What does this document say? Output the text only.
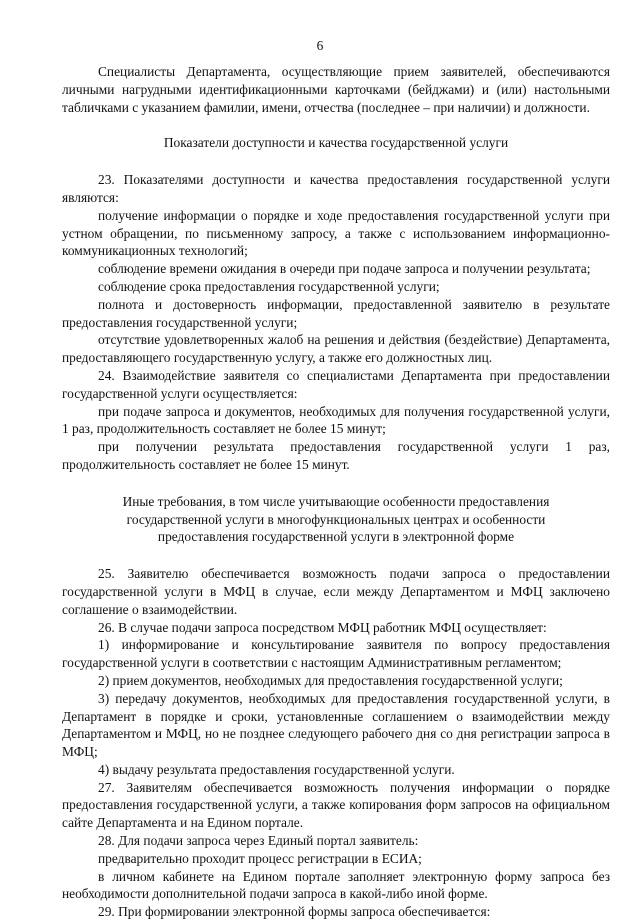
6

Специалисты Департамента, осуществляющие прием заявителей, обеспечиваются личными нагрудными идентификационными карточками (бейджами) и (или) настольными табличками с указанием фамилии, имени, отчества (последнее – при наличии) и должности.

Показатели доступности и качества государственной услуги

23. Показателями доступности и качества предоставления государственной услуги являются:

получение информации о порядке и ходе предоставления государственной услуги при устном обращении, по письменному запросу, а также с использованием информационно-коммуникационных технологий;

соблюдение времени ожидания в очереди при подаче запроса и получении результата;

соблюдение срока предоставления государственной услуги;

полнота и достоверность информации, предоставленной заявителю в результате предоставления государственной услуги;

отсутствие удовлетворенных жалоб на решения и действия (бездействие) Департамента, предоставляющего государственную услугу, а также его должностных лиц.

24. Взаимодействие заявителя со специалистами Департамента при предоставлении государственной услуги осуществляется:

при подаче запроса и документов, необходимых для получения государственной услуги, 1 раз, продолжительность составляет не более 15 минут;

при получении результата предоставления государственной услуги 1 раз, продолжительность составляет не более 15 минут.

Иные требования, в том числе учитывающие особенности предоставления государственной услуги в многофункциональных центрах и особенности предоставления государственной услуги в электронной форме

25. Заявителю обеспечивается возможность подачи запроса о предоставлении государственной услуги в МФЦ в случае, если между Департаментом и МФЦ заключено соглашение о взаимодействии.

26. В случае подачи запроса посредством МФЦ работник МФЦ осуществляет:

1) информирование и консультирование заявителя по вопросу предоставления государственной услуги в соответствии с настоящим Административным регламентом;

2) прием документов, необходимых для предоставления государственной услуги;

3) передачу документов, необходимых для предоставления государственной услуги, в Департамент в порядке и сроки, установленные соглашением о взаимодействии между Департаментом и МФЦ, но не позднее следующего рабочего дня со дня регистрации запроса в МФЦ;

4) выдачу результата предоставления государственной услуги.

27. Заявителям обеспечивается возможность получения информации о порядке предоставления государственной услуги, а также копирования форм запросов на официальном сайте Департамента и на Едином портале.

28. Для подачи запроса через Единый портал заявитель:

предварительно проходит процесс регистрации в ЕСИА;

в личном кабинете на Едином портале заполняет электронную форму запроса без необходимости дополнительной подачи запроса в какой-либо иной форме.

29. При формировании электронной формы запроса обеспечивается:
